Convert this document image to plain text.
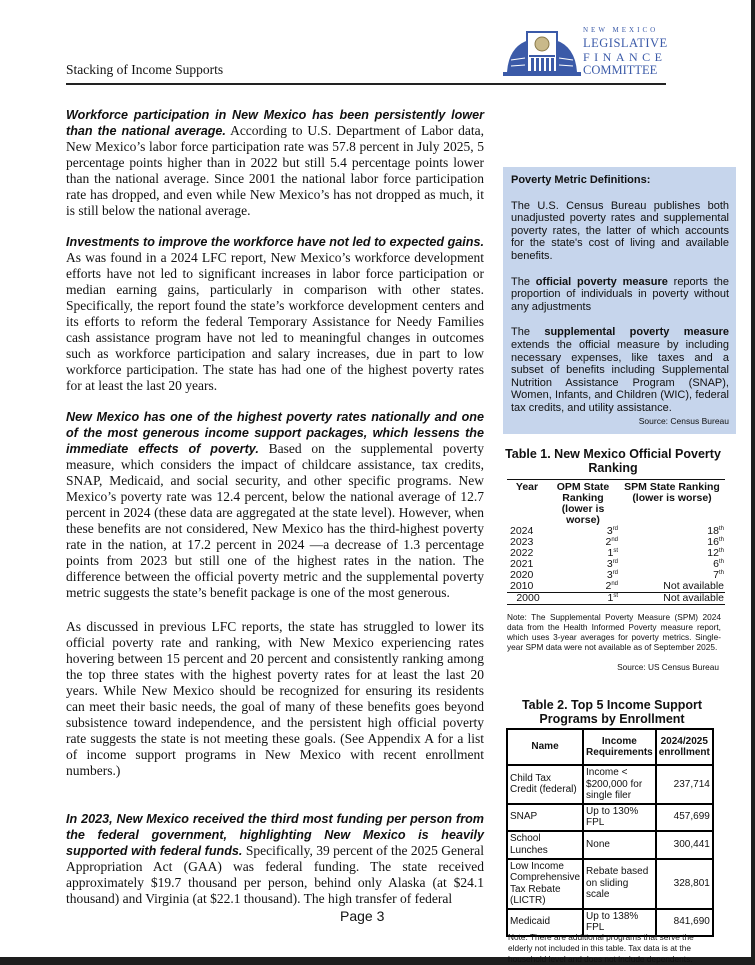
Stacking of Income Supports
NEW MEXICO
LEGISLATIVE
FINANCE
COMMITTEE

Workforce participation in New Mexico has been persistently lower than the national average. According to U.S. Department of Labor data, New Mexico’s labor force participation rate was 57.8 percent in July 2025, 5 percentage points higher than in 2022 but still 5.4 percentage points lower than the national average. Since 2001 the national labor force participation rate has dropped, and even while New Mexico’s has not dropped as much, it is still below the national average.

Investments to improve the workforce have not led to expected gains. As was found in a 2024 LFC report, New Mexico’s workforce development efforts have not led to significant increases in labor force participation or median earning gains, particularly in comparison with other states. Specifically, the report found the state’s workforce development centers and its efforts to reform the federal Temporary Assistance for Needy Families cash assistance program have not led to meaningful changes in outcomes such as workforce participation and salary increases, due in part to low workforce participation. The state has had one of the highest poverty rates for at least the last 20 years.

New Mexico has one of the highest poverty rates nationally and one of the most generous income support packages, which lessens the immediate effects of poverty. Based on the supplemental poverty measure, which considers the impact of childcare assistance, tax credits, SNAP, Medicaid, and social security, and other specific programs. New Mexico’s poverty rate was 12.4 percent, below the national average of 12.7 percent in 2024 (these data are aggregated at the state level). However, when these benefits are not considered, New Mexico has the third-highest poverty rate in the nation, at 17.2 percent in 2024 —a decrease of 1.3 percentage points from 2023 but still one of the highest rates in the nation. The difference between the official poverty metric and the supplemental poverty metric suggests the state’s benefit package is one of the most generous.

As discussed in previous LFC reports, the state has struggled to lower its official poverty rate and ranking, with New Mexico experiencing rates hovering between 15 percent and 20 percent and consistently ranking among the top three states with the highest poverty rates for at least the last 20 years. While New Mexico should be recognized for ensuring its residents can meet their basic needs, the goal of many of these benefits goes beyond subsistence toward independence, and the persistent high official poverty rate suggests the state is not meeting these goals. (See Appendix A for a list of income support programs in New Mexico with recent enrollment numbers.)

In 2023, New Mexico received the third most funding per person from the federal government, highlighting New Mexico is heavily supported with federal funds. Specifically, 39 percent of the 2025 General Appropriation Act (GAA) was federal funding. The state received approximately $19.7 thousand per person, behind only Alaska (at $24.1 thousand) and Virginia (at $22.1 thousand). The high transfer of federal

Page 3
Poverty Metric Definitions:

The U.S. Census Bureau publishes both unadjusted poverty rates and supplemental poverty rates, the latter of which accounts for the state's cost of living and available benefits.

The official poverty measure reports the proportion of individuals in poverty without any adjustments

The supplemental poverty measure extends the official measure by including necessary expenses, like taxes and a subset of benefits including Supplemental Nutrition Assistance Program (SNAP), Women, Infants, and Children (WIC), federal tax credits, and utility assistance.

Source: Census Bureau
Table 1. New Mexico Official Poverty Ranking
Year	OPM State Ranking (lower is worse)	SPM State Ranking (lower is worse)
2024	3rd	18th
2023	2nd	16th
2022	1st	12th
2021	3rd	6th
2020	3rd	7th
2010	2nd	Not available
2000	1st	Not available
Note: The Supplemental Poverty Measure (SPM) 2024 data from the Health Informed Poverty measure report, which uses 3-year averages for poverty metrics. Single-year SPM data were not available as of September 2025.
Source: US Census Bureau
Table 2. Top 5 Income Support Programs by Enrollment
Name	Income Requirements	2024/2025 enrollment
Child Tax Credit (federal)	Income < $200,000 for single filer	237,714
SNAP	Up to 130% FPL	457,699
School Lunches	None	300,441
Low Income Comprehensive Tax Rebate (LICTR)	Rebate based on sliding scale	328,801
Medicaid	Up to 138% FPL	841,690
Note: There are additional programs that serve the elderly not included in this table. Tax data is at the household level and does not include dependents.
